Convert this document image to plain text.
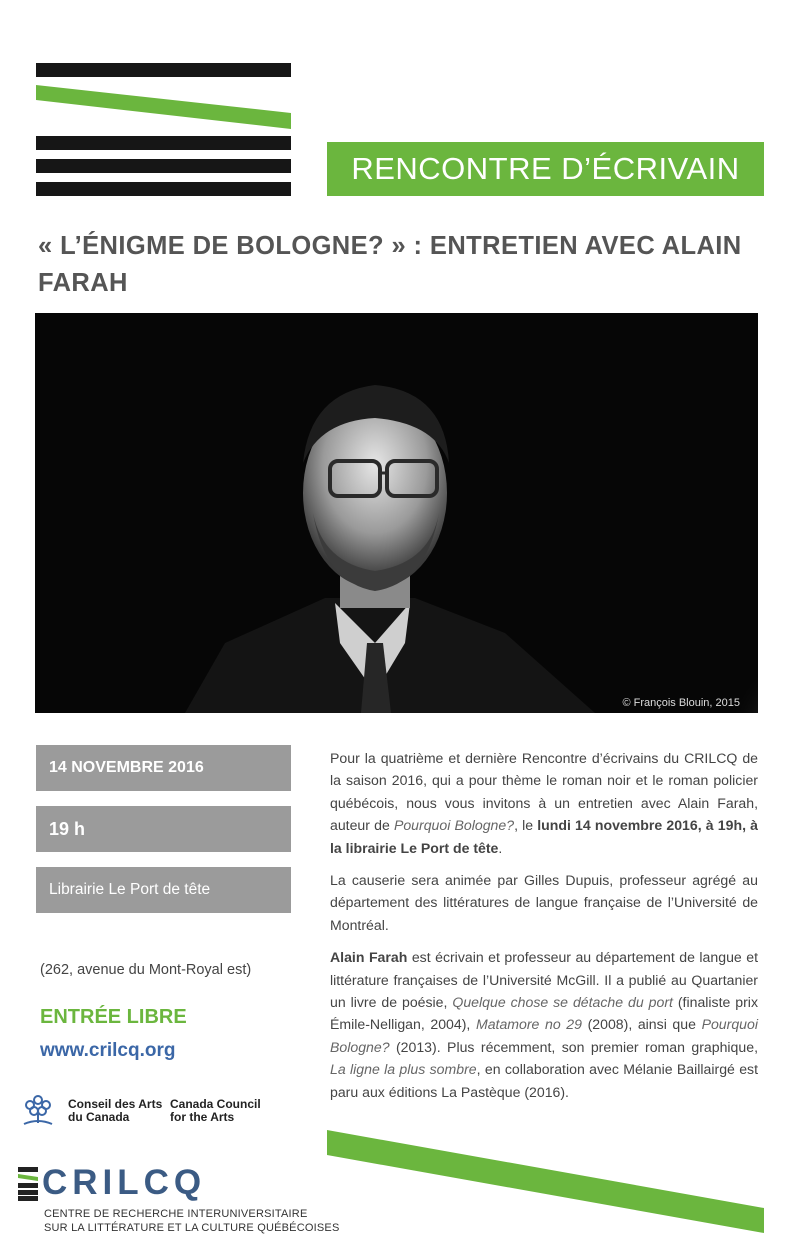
RENCONTRE D’ÉCRIVAIN
« L’ÉNIGME DE BOLOGNE? » : ENTRETIEN AVEC ALAIN FARAH
© François Blouin, 2015
14 NOVEMBRE 2016
19 h
Librairie Le Port de tête
(262, avenue du Mont-Royal est)
ENTRÉE LIBRE
www.crilcq.org

Pour la quatrième et dernière Rencontre d’écrivains du CRILCQ de la saison 2016, qui a pour thème le roman noir et le roman policier québécois, nous vous invitons à un entretien avec Alain Farah, auteur de Pourquoi Bologne?, le lundi 14 novembre 2016, à 19h, à la librairie Le Port de tête.

La causerie sera animée par Gilles Dupuis, professeur agrégé au département des littératures de langue française de l’Université de Montréal.

Alain Farah est écrivain et professeur au département de langue et littérature françaises de l’Université McGill. Il a publié au Quartanier un livre de poésie, Quelque chose se détache du port (finaliste prix Émile-Nelligan, 2004), Matamore no 29 (2008), ainsi que Pourquoi Bologne? (2013). Plus récemment, son premier roman graphique, La ligne la plus sombre, en collaboration avec Mélanie Baillairgé est paru aux éditions La Pastèque (2016).

Conseil des Arts
du Canada
Canada Council
for the Arts
CRILCQ
CENTRE DE RECHERCHE INTERUNIVERSITAIRE
SUR LA LITTÉRATURE ET LA CULTURE QUÉBÉCOISES
